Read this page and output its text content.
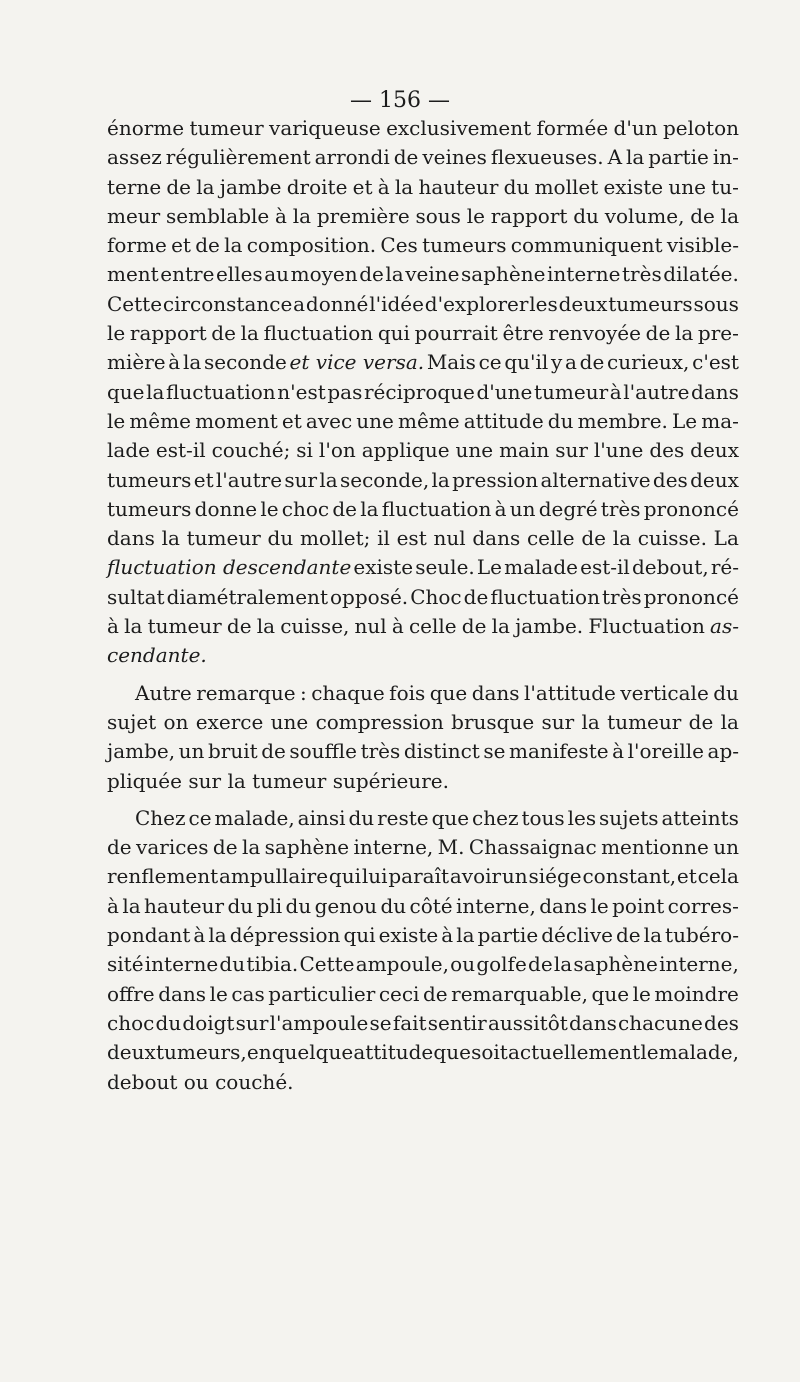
— 156 —
énorme tumeur variqueuse exclusivement formée d'un peloton
assez régulièrement arrondi de veines flexueuses. A la partie in-
terne de la jambe droite et à la hauteur du mollet existe une tu-
meur semblable à la première sous le rapport du volume, de la
forme et de la composition. Ces tumeurs communiquent visible-
ment entre elles au moyen de la veine saphène interne très dilatée.
Cette circonstance a donné l'idée d'explorer les deux tumeurs sous
le rapport de la fluctuation qui pourrait être renvoyée de la pre-
mière à la seconde et vice versa. Mais ce qu'il y a de curieux, c'est
que la fluctuation n'est pas réciproque d'une tumeur à l'autre dans
le même moment et avec une même attitude du membre. Le ma-
lade est-il couché; si l'on applique une main sur l'une des deux
tumeurs et l'autre sur la seconde, la pression alternative des deux
tumeurs donne le choc de la fluctuation à un degré très prononcé
dans la tumeur du mollet; il est nul dans celle de la cuisse. La
fluctuation descendante existe seule. Le malade est-il debout, ré-
sultat diamétralement opposé. Choc de fluctuation très prononcé
à la tumeur de la cuisse, nul à celle de la jambe. Fluctuation as-
cendante.
Autre remarque : chaque fois que dans l'attitude verticale du
sujet on exerce une compression brusque sur la tumeur de la
jambe, un bruit de souffle très distinct se manifeste à l'oreille ap-
pliquée sur la tumeur supérieure.
Chez ce malade, ainsi du reste que chez tous les sujets atteints
de varices de la saphène interne, M. Chassaignac mentionne un
renflement ampullaire qui lui paraît avoir un siége constant, et cela
à la hauteur du pli du genou du côté interne, dans le point corres-
pondant à la dépression qui existe à la partie déclive de la tubéro-
sité interne du tibia. Cette ampoule, ou golfe de la saphène interne,
offre dans le cas particulier ceci de remarquable, que le moindre
choc du doigt sur l'ampoule se fait sentir aussitôt dans chacune des
deux tumeurs, en quelque attitude que soit actuellement le malade,
debout ou couché.
